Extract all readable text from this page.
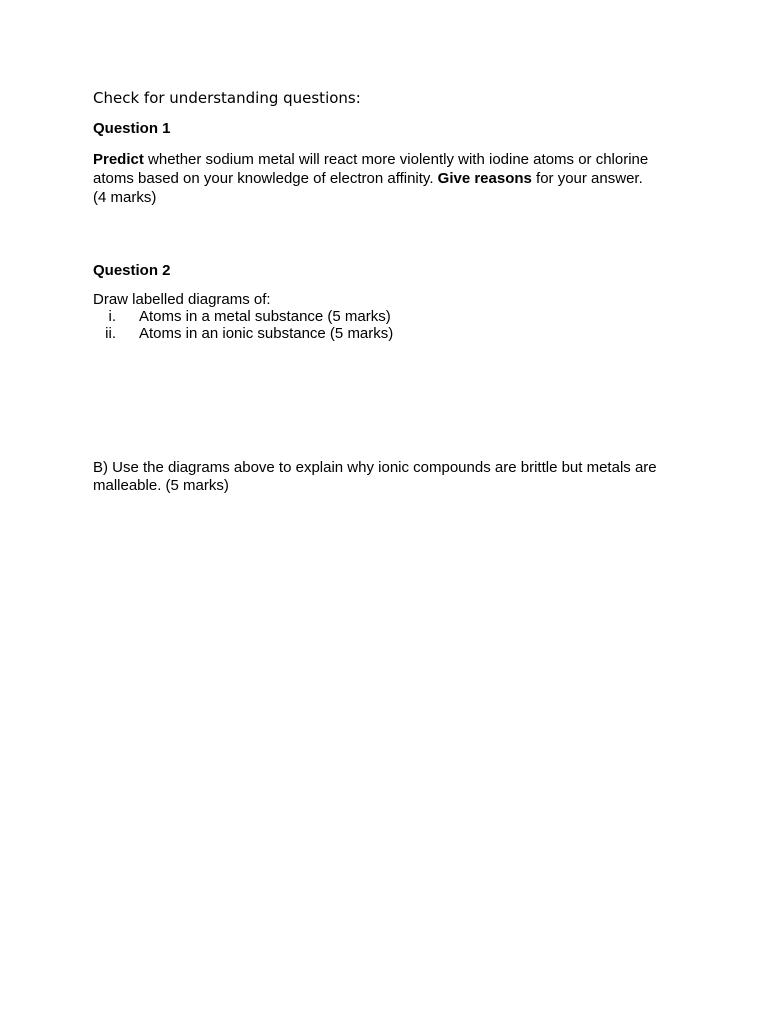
Check for understanding questions:
Question 1
Predict whether sodium metal will react more violently with iodine atoms or chlorine
atoms based on your knowledge of electron affinity. Give reasons for your answer.
(4 marks)
Question 2
Draw labelled diagrams of:
i. Atoms in a metal substance (5 marks)
ii. Atoms in an ionic substance (5 marks)
B) Use the diagrams above to explain why ionic compounds are brittle but metals are
malleable. (5 marks)
